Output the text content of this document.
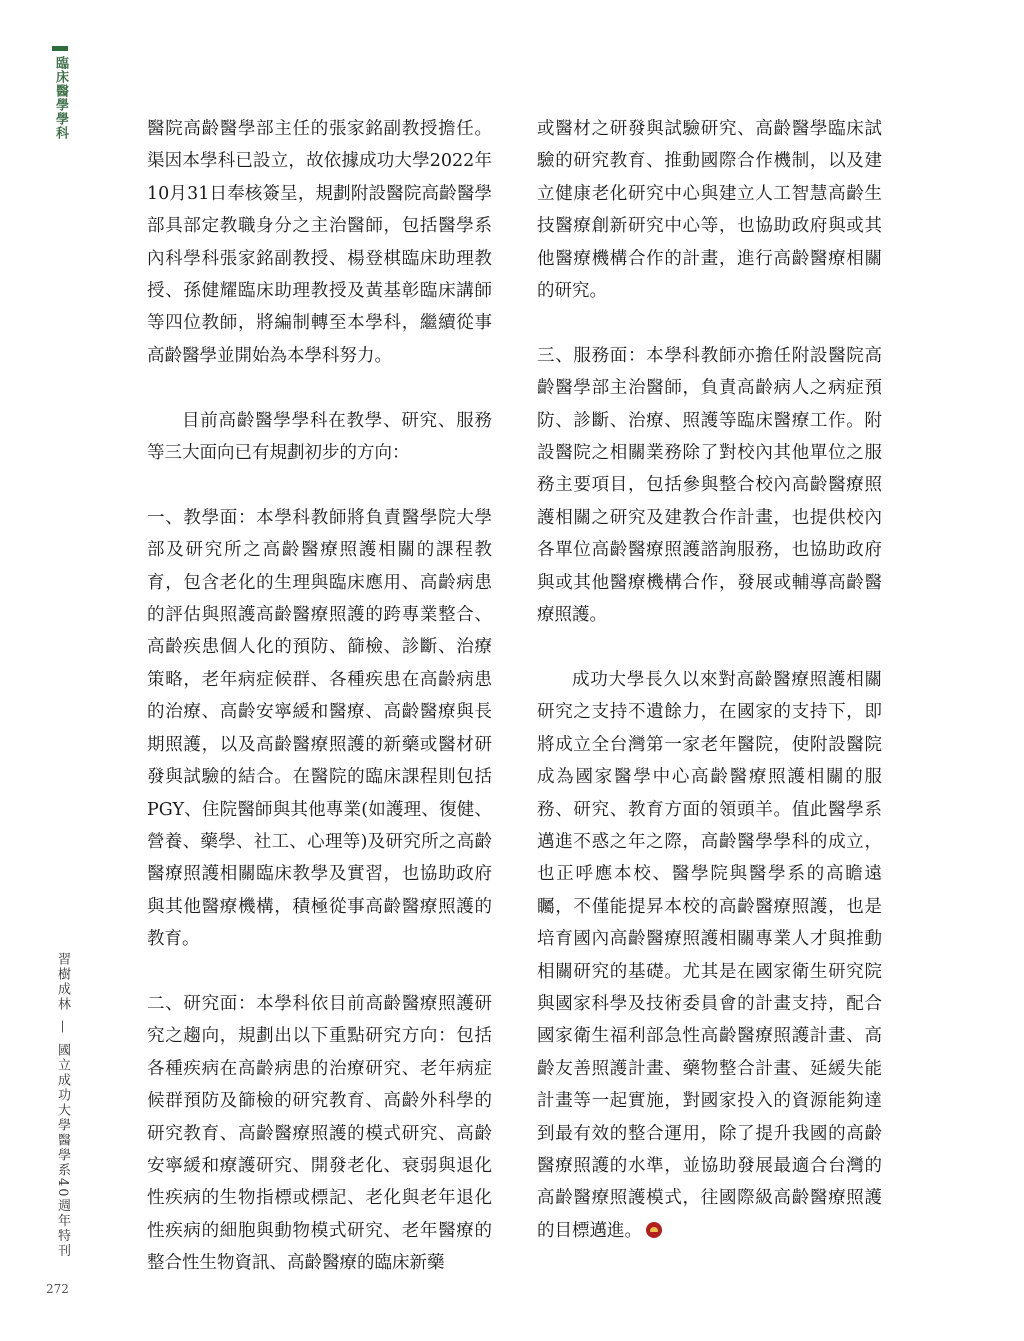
臨床醫學學科
習樹成林—國立成功大學醫學系40週年特刊
272

醫院高齡醫學部主任的張家銘副教授擔任。渠因本學科已設立，故依據成功大學2022年10月31日奉核簽呈，規劃附設醫院高齡醫學部具部定教職身分之主治醫師，包括醫學系內科學科張家銘副教授、楊登棋臨床助理教授、孫健耀臨床助理教授及黃基彰臨床講師等四位教師，將編制轉至本學科，繼續從事高齡醫學並開始為本學科努力。

目前高齡醫學學科在教學、研究、服務等三大面向已有規劃初步的方向：

一、教學面：本學科教師將負責醫學院大學部及研究所之高齡醫療照護相關的課程教育，包含老化的生理與臨床應用、高齡病患的評估與照護高齡醫療照護的跨專業整合、高齡疾患個人化的預防、篩檢、診斷、治療策略，老年病症候群、各種疾患在高齡病患的治療、高齡安寧緩和醫療、高齡醫療與長期照護，以及高齡醫療照護的新藥或醫材研發與試驗的結合。在醫院的臨床課程則包括PGY、住院醫師與其他專業(如護理、復健、營養、藥學、社工、心理等)及研究所之高齡醫療照護相關臨床教學及實習，也協助政府與其他醫療機構，積極從事高齡醫療照護的教育。

二、研究面：本學科依目前高齡醫療照護研究之趨向，規劃出以下重點研究方向：包括各種疾病在高齡病患的治療研究、老年病症候群預防及篩檢的研究教育、高齡外科學的研究教育、高齡醫療照護的模式研究、高齡安寧緩和療護研究、開發老化、衰弱與退化性疾病的生物指標或標記、老化與老年退化性疾病的細胞與動物模式研究、老年醫療的整合性生物資訊、高齡醫療的臨床新藥

或醫材之研發與試驗研究、高齡醫學臨床試驗的研究教育、推動國際合作機制，以及建立健康老化研究中心與建立人工智慧高齡生技醫療創新研究中心等，也協助政府與或其他醫療機構合作的計畫，進行高齡醫療相關的研究。

三、服務面：本學科教師亦擔任附設醫院高齡醫學部主治醫師，負責高齡病人之病症預防、診斷、治療、照護等臨床醫療工作。附設醫院之相關業務除了對校內其他單位之服務主要項目，包括參與整合校內高齡醫療照護相關之研究及建教合作計畫，也提供校內各單位高齡醫療照護諮詢服務，也協助政府與或其他醫療機構合作，發展或輔導高齡醫療照護。

成功大學長久以來對高齡醫療照護相關研究之支持不遺餘力，在國家的支持下，即將成立全台灣第一家老年醫院，使附設醫院成為國家醫學中心高齡醫療照護相關的服務、研究、教育方面的領頭羊。值此醫學系邁進不惑之年之際，高齡醫學學科的成立，也正呼應本校、醫學院與醫學系的高瞻遠矚，不僅能提昇本校的高齡醫療照護，也是培育國內高齡醫療照護相關專業人才與推動相關研究的基礎。尤其是在國家衛生研究院與國家科學及技術委員會的計畫支持，配合國家衛生福利部急性高齡醫療照護計畫、高齡友善照護計畫、藥物整合計畫、延緩失能計畫等一起實施，對國家投入的資源能夠達到最有效的整合運用，除了提升我國的高齡醫療照護的水準，並協助發展最適合台灣的高齡醫療照護模式，往國際級高齡醫療照護的目標邁進。
